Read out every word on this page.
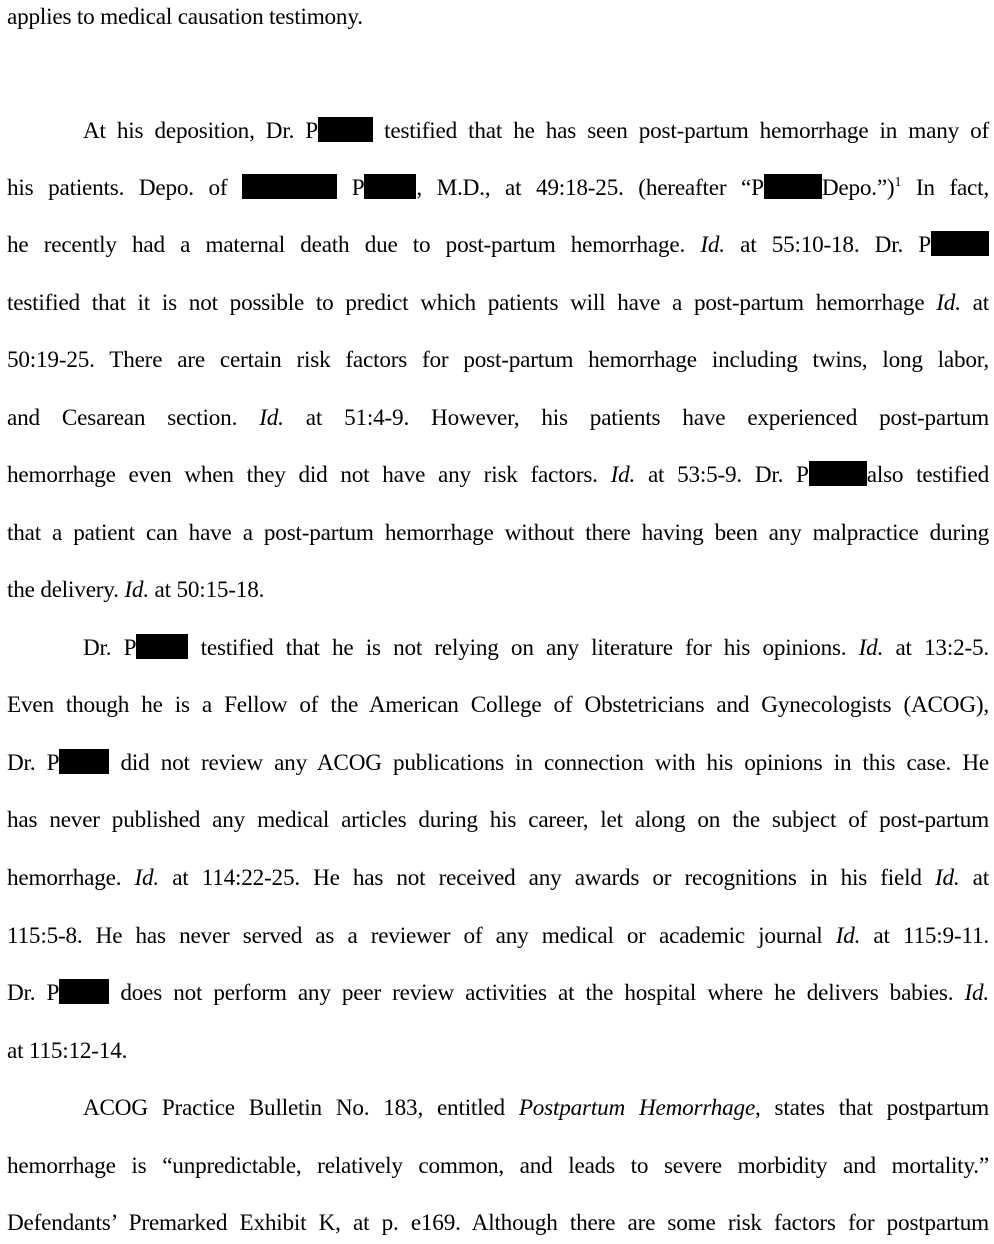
applies to medical causation testimony.
At his deposition, Dr. P	testified that he has seen post-partum hemorrhage in many of
his patients. Depo. of	P , M.D., at 49:18-25. (hereafter “P	Depo.”)$^1$ In fact,
he recently had a maternal death due to post-partum hemorrhage. Id. at 55:10-18. Dr. P
testified that it is not possible to predict which patients will have a post-partum hemorrhage Id. at
50:19-25. There are certain risk factors for post-partum hemorrhage including twins, long labor,
and Cesarean section. Id. at 51:4-9. However, his patients have experienced post-partum
hemorrhage even when they did not have any risk factors. Id. at 53:5-9. Dr. P	also testified
that a patient can have a post-partum hemorrhage without there having been any malpractice during
the delivery. Id. at 50:15-18.
Dr. P	testified that he is not relying on any literature for his opinions. Id. at 13:2-5.
Even though he is a Fellow of the American College of Obstetricians and Gynecologists (ACOG),
Dr. P	did not review any ACOG publications in connection with his opinions in this case. He
has never published any medical articles during his career, let along on the subject of post-partum
hemorrhage. Id. at 114:22-25. He has not received any awards or recognitions in his field Id. at
115:5-8. He has never served as a reviewer of any medical or academic journal Id. at 115:9-11.
Dr. P	does not perform any peer review activities at the hospital where he delivers babies. Id.
at 115:12-14.
ACOG Practice Bulletin No. 183, entitled Postpartum Hemorrhage, states that postpartum
hemorrhage is “unpredictable, relatively common, and leads to severe morbidity and mortality.”
Defendants’ Premarked Exhibit K, at p. e169. Although there are some risk factors for postpartum
